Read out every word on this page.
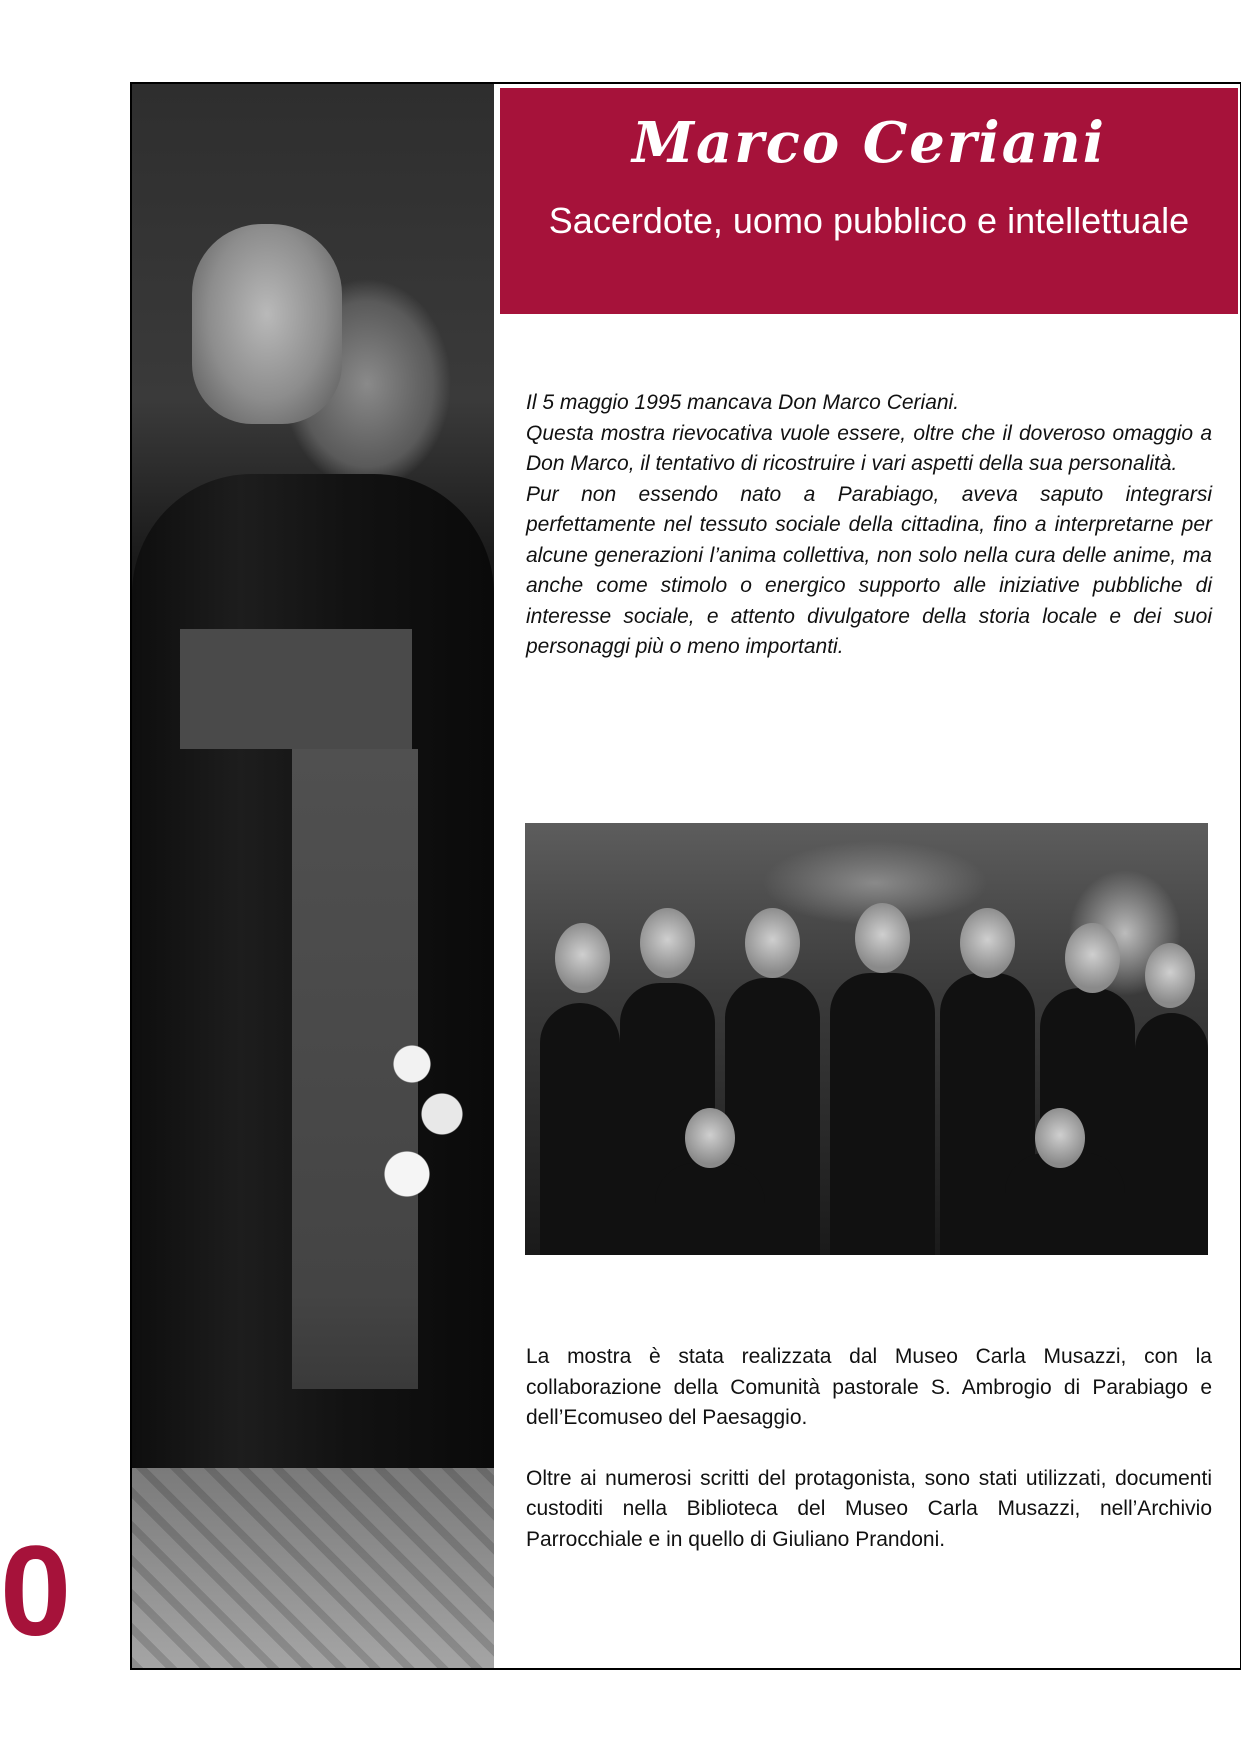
Marco Ceriani
Sacerdote, uomo pubblico e intellettuale

Il 5 maggio 1995 mancava Don Marco Ceriani.

Questa mostra rievocativa vuole essere, oltre che il doveroso omaggio a Don Marco, il tentativo di ricostruire i vari aspetti della sua personalità.

Pur non essendo nato a Parabiago, aveva saputo integrarsi perfettamente nel tessuto sociale della cittadina, fino a interpretarne per alcune generazioni l’anima collettiva, non solo nella cura delle anime, ma anche come stimolo o energico supporto alle iniziative pubbliche di interesse sociale, e attento divulgatore della storia locale e dei suoi personaggi più o meno importanti.

La mostra è stata realizzata dal Museo Carla Musazzi, con la collaborazione della Comunità pastorale S. Ambrogio di Parabiago e dell’Ecomuseo del Paesaggio.

Oltre ai numerosi scritti del protagonista, sono stati utilizzati, documenti custoditi nella Biblioteca del Museo Carla Musazzi, nell’Archivio Parrocchiale e in quello di Giuliano Prandoni.

0
